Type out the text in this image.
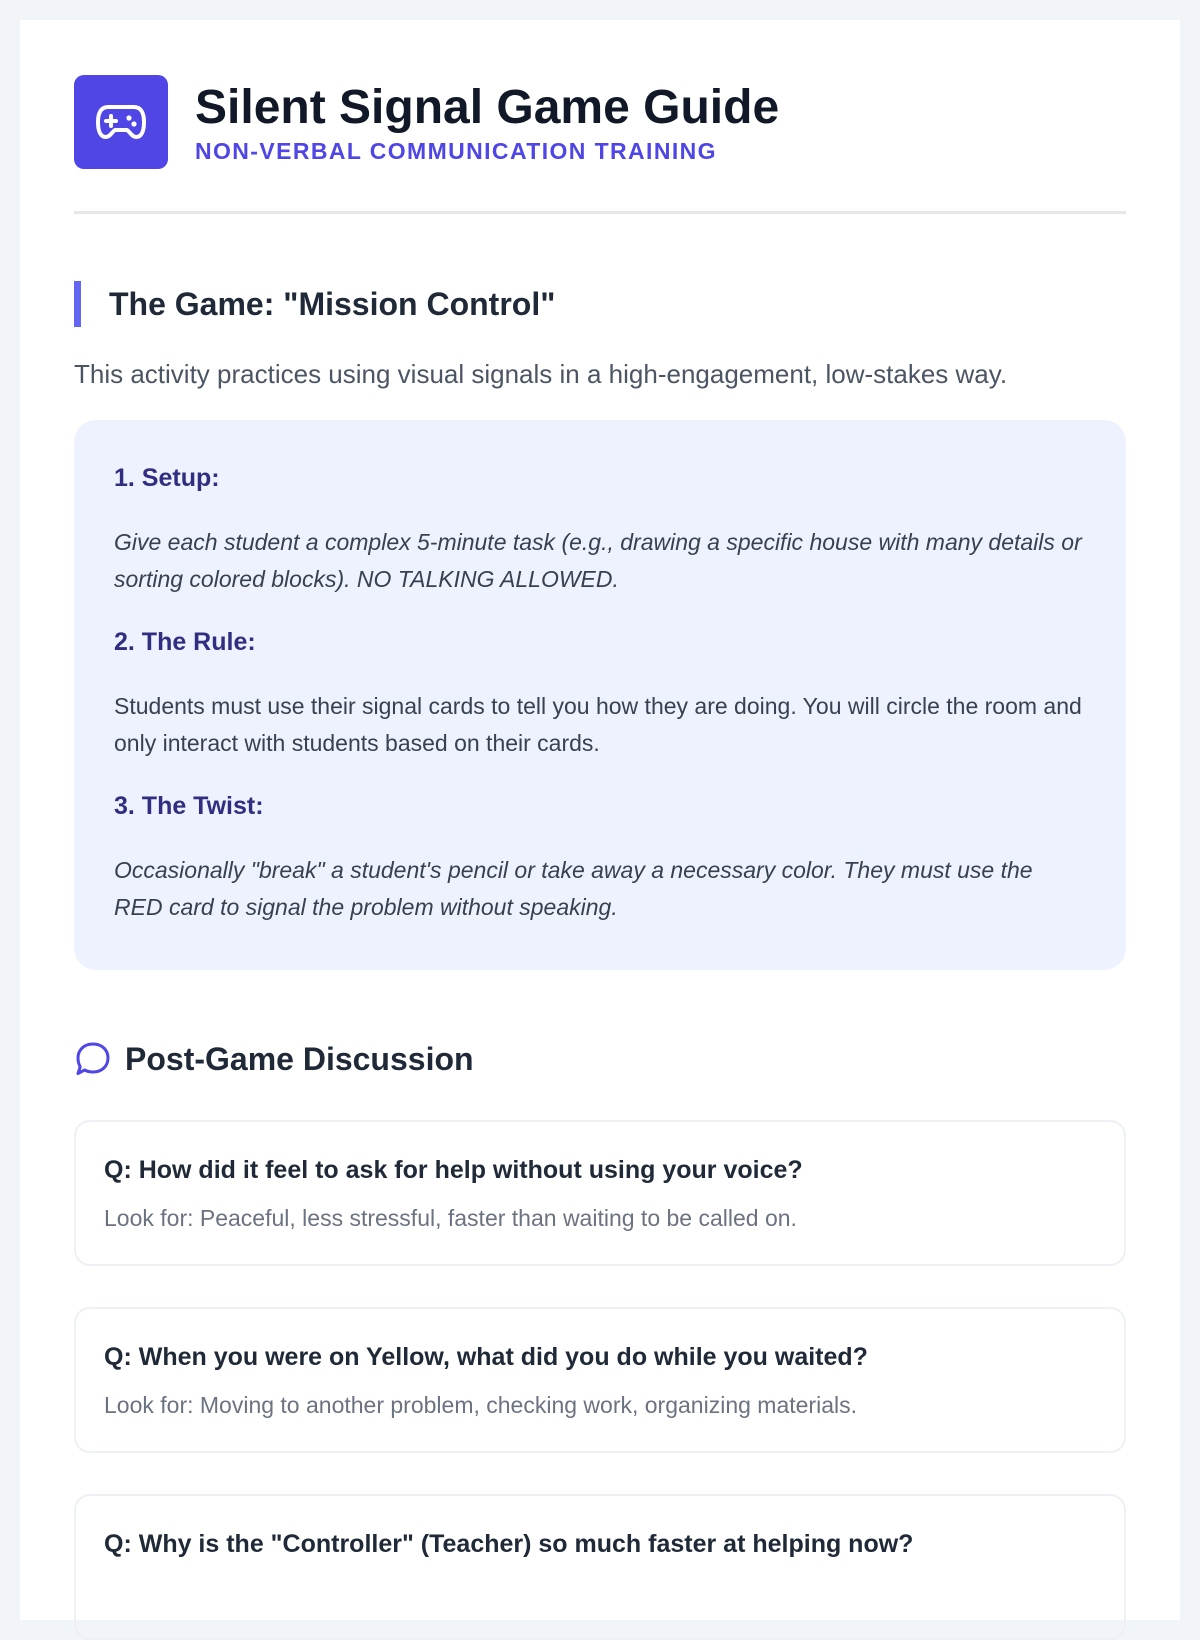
Silent Signal Game Guide
NON-VERBAL COMMUNICATION TRAINING
The Game: "Mission Control"

This activity practices using visual signals in a high-engagement, low-stakes way.

1. Setup:
Give each student a complex 5-minute task (e.g., drawing a specific house with many details or sorting colored blocks). NO TALKING ALLOWED.
2. The Rule:
Students must use their signal cards to tell you how they are doing. You will circle the room and only interact with students based on their cards.
3. The Twist:
Occasionally "break" a student's pencil or take away a necessary color. They must use the RED card to signal the problem without speaking.
Post-Game Discussion
Q: How did it feel to ask for help without using your voice?
Look for: Peaceful, less stressful, faster than waiting to be called on.
Q: When you were on Yellow, what did you do while you waited?
Look for: Moving to another problem, checking work, organizing materials.
Q: Why is the "Controller" (Teacher) so much faster at helping now?
